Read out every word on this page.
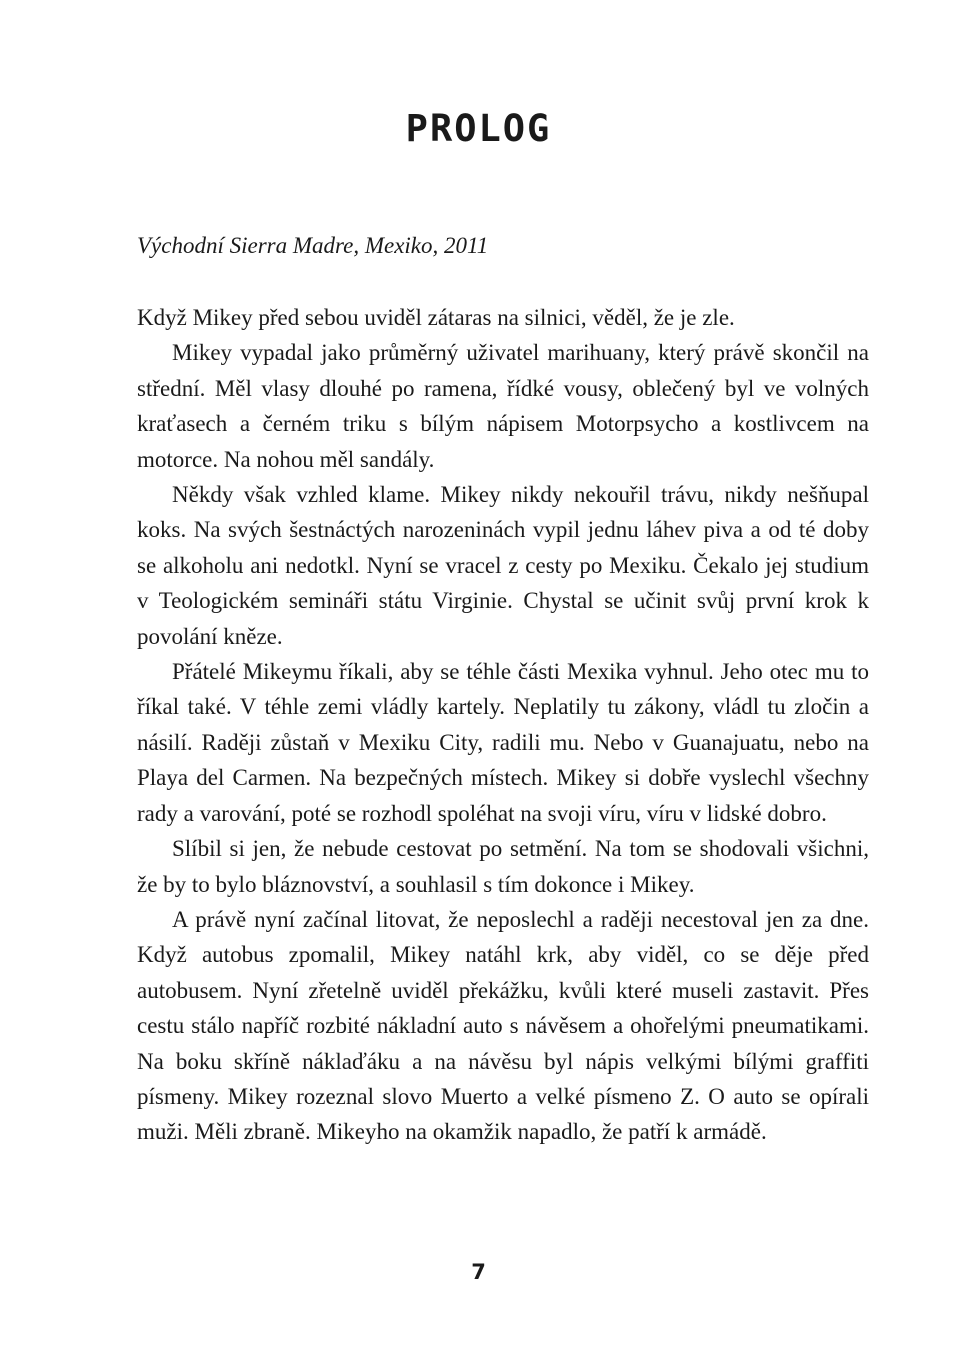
PROLOG

Východní Sierra Madre, Mexiko, 2011

Když Mikey před sebou uviděl zátaras na silnici, věděl, že je zle.

Mikey vypadal jako průměrný uživatel marihuany, který právě skončil na střední. Měl vlasy dlouhé po ramena, řídké vousy, oblečený byl ve volných kraťasech a černém triku s bílým nápisem Motorpsycho a kostlivcem na motorce. Na nohou měl sandály.

Někdy však vzhled klame. Mikey nikdy nekouřil trávu, nikdy nešňupal koks. Na svých šestnáctých narozeninách vypil jednu láhev piva a od té doby se alkoholu ani nedotkl. Nyní se vracel z cesty po Mexiku. Čekalo jej studium v Teologickém semináři státu Virginie. Chystal se učinit svůj první krok k povolání kněze.

Přátelé Mikeymu říkali, aby se téhle části Mexika vyhnul. Jeho otec mu to říkal také. V téhle zemi vládly kartely. Neplatily tu zákony, vládl tu zločin a násilí. Raději zůstaň v Mexiku City, radili mu. Nebo v Guanajuatu, nebo na Playa del Carmen. Na bezpečných místech. Mikey si dobře vyslechl všechny rady a varování, poté se rozhodl spoléhat na svoji víru, víru v lidské dobro.

Slíbil si jen, že nebude cestovat po setmění. Na tom se shodovali všichni, že by to bylo bláznovství, a souhlasil s tím dokonce i Mikey.

A právě nyní začínal litovat, že neposlechl a raději necestoval jen za dne. Když autobus zpomalil, Mikey natáhl krk, aby viděl, co se děje před autobusem. Nyní zřetelně uviděl překážku, kvůli které museli zastavit. Přes cestu stálo napříč rozbité nákladní auto s návěsem a ohořelými pneumatikami. Na boku skříně náklaďáku a na návěsu byl nápis velkými bílými graffiti písmeny. Mikey rozeznal slovo Muerto a velké písmeno Z. O auto se opírali muži. Měli zbraně. Mikeyho na okamžik napadlo, že patří k armádě.

7
